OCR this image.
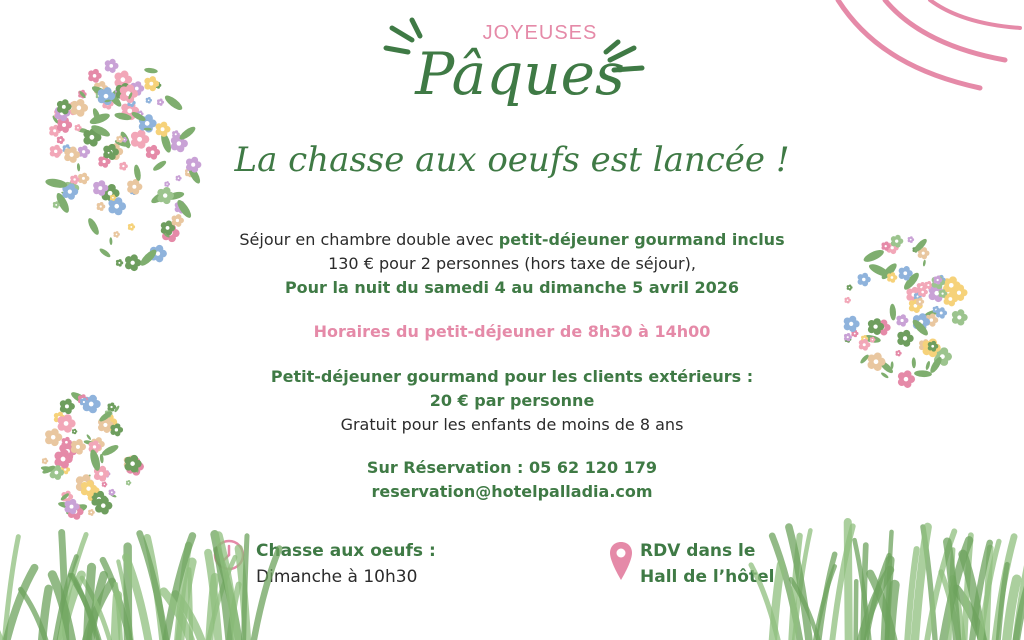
JOYEUSES
Pâques
La chasse aux oeufs est lancée !
Séjour en chambre double avec petit-déjeuner gourmand inclus
130 € pour 2 personnes (hors taxe de séjour),
Pour la nuit du samedi 4 au dimanche 5 avril 2026
Horaires du petit-déjeuner de 8h30 à 14h00
Petit-déjeuner gourmand pour les clients extérieurs :
20 € par personne
Gratuit pour les enfants de moins de 8 ans
Sur Réservation : 05 62 120 179
reservation@hotelpalladia.com
Chasse aux oeufs :
Dimanche à 10h30
RDV dans le
Hall de l’hôtel
